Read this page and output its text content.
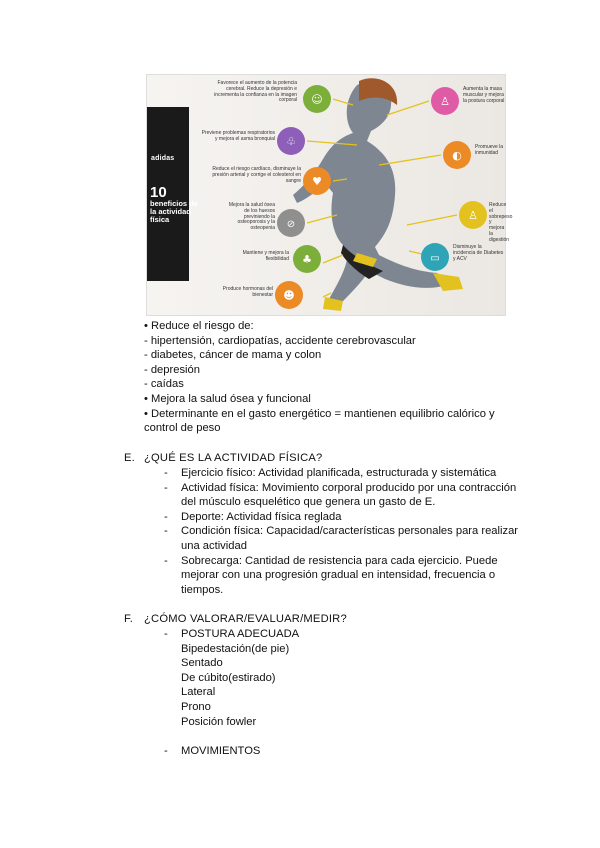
☺
♧
♥
⊘
♣
☻
♙
◐
♙
▭
adidas
10
beneficios de la actividad física
Favorece el aumento de la potencia cerebral. Reduce la depresión e incrementa la confianza en la imagen corporal
Previene problemas respiratorios y mejora el asma bronquial
Reduce el riesgo cardíaco, disminuye la presión arterial y corrige el colesterol en sangre
Mejora la salud ósea de los huesos previniendo la osteoporosis y la osteopenia
Mantiene y mejora la flexibilidad
Produce hormonas del bienestar
Aumenta la masa muscular y mejora la postura corporal
Promueve la inmunidad
Reduce el sobrepeso y mejora la digestión
Disminuye la incidencia de Diabetes y ACV
• Reduce el riesgo de:
- hipertensión, cardiopatías, accidente cerebrovascular
- diabetes, cáncer de mama y colon
- depresión
- caídas
• Mejora la salud ósea y funcional
• Determinante en el gasto energético = mantienen equilibrio calórico y
control de peso
E. ¿QUÉ ES LA ACTIVIDAD FÍSICA?
- Ejercicio físico: Actividad planificada, estructurada y sistemática
- Actividad física: Movimiento corporal producido por una contracción
del músculo esquelético que genera un gasto de E.
- Deporte: Actividad física reglada
- Condición física: Capacidad/características personales para realizar
una actividad
- Sobrecarga: Cantidad de resistencia para cada ejercicio. Puede
mejorar con una progresión gradual en intensidad, frecuencia o
tiempos.
F. ¿CÓMO VALORAR/EVALUAR/MEDIR?
- POSTURA ADECUADA
Bipedestación(de pie)
Sentado
De cúbito(estirado)
Lateral
Prono
Posición fowler
- MOVIMIENTOS
